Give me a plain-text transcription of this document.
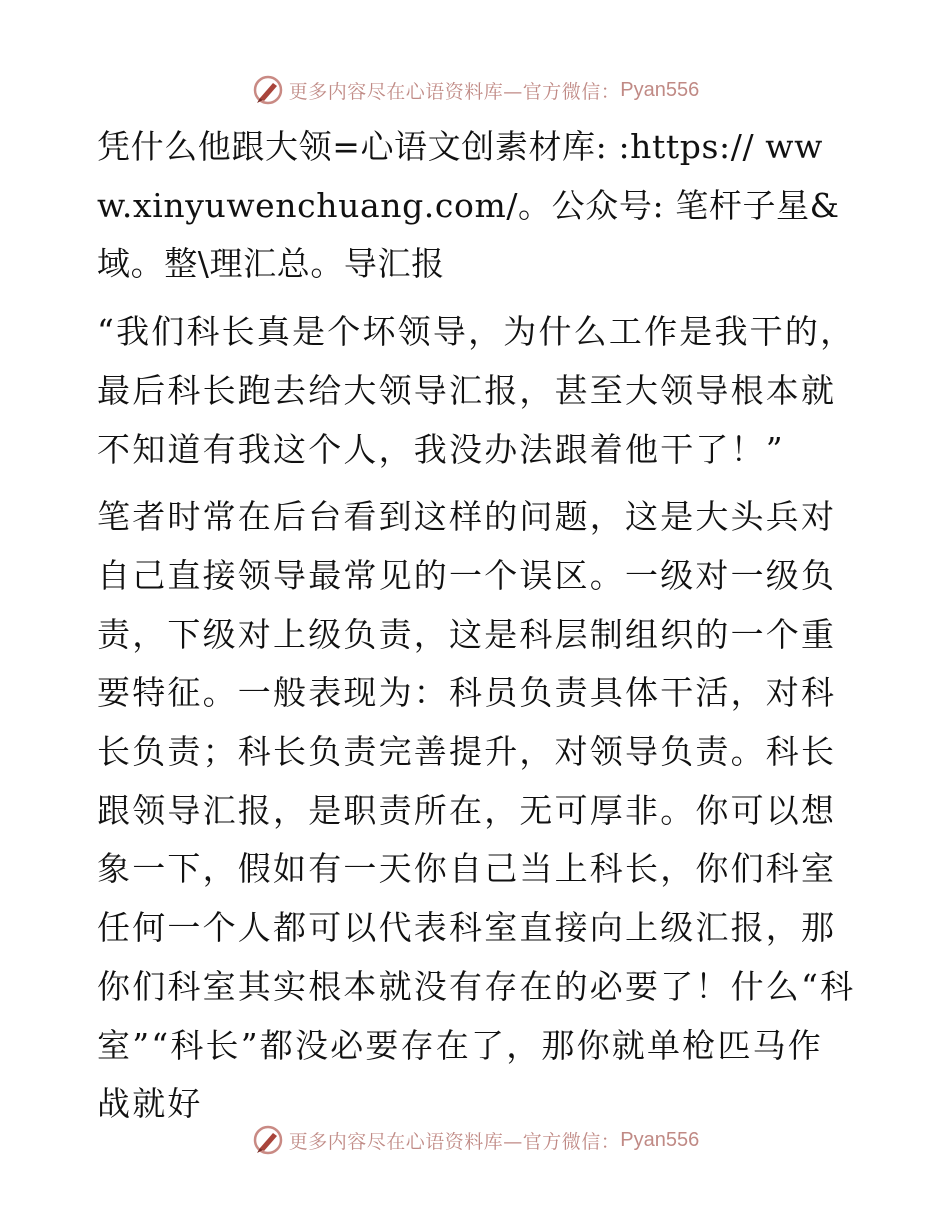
更多内容尽在心语资料库—官方微信： Pyan556

凭什么他跟大领=心语文创素材库: :https:// www.xinyuwenchuang.com/。公众号: 笔杆子星&域。整\理汇总。导汇报

“我们科长真是个坏领导，为什么工作是我干的，最后科长跑去给大领导汇报，甚至大领导根本就不知道有我这个人，我没办法跟着他干了！”

笔者时常在后台看到这样的问题，这是大头兵对自己直接领导最常见的一个误区。一级对一级负责，下级对上级负责，这是科层制组织的一个重要特征。一般表现为：科员负责具体干活，对科长负责；科长负责完善提升，对领导负责。科长跟领导汇报，是职责所在，无可厚非。你可以想象一下，假如有一天你自己当上科长，你们科室任何一个人都可以代表科室直接向上级汇报，那你们科室其实根本就没有存在的必要了！什么“科室”“科长”都没必要存在了，那你就单枪匹马作战就好

更多内容尽在心语资料库—官方微信： Pyan556
